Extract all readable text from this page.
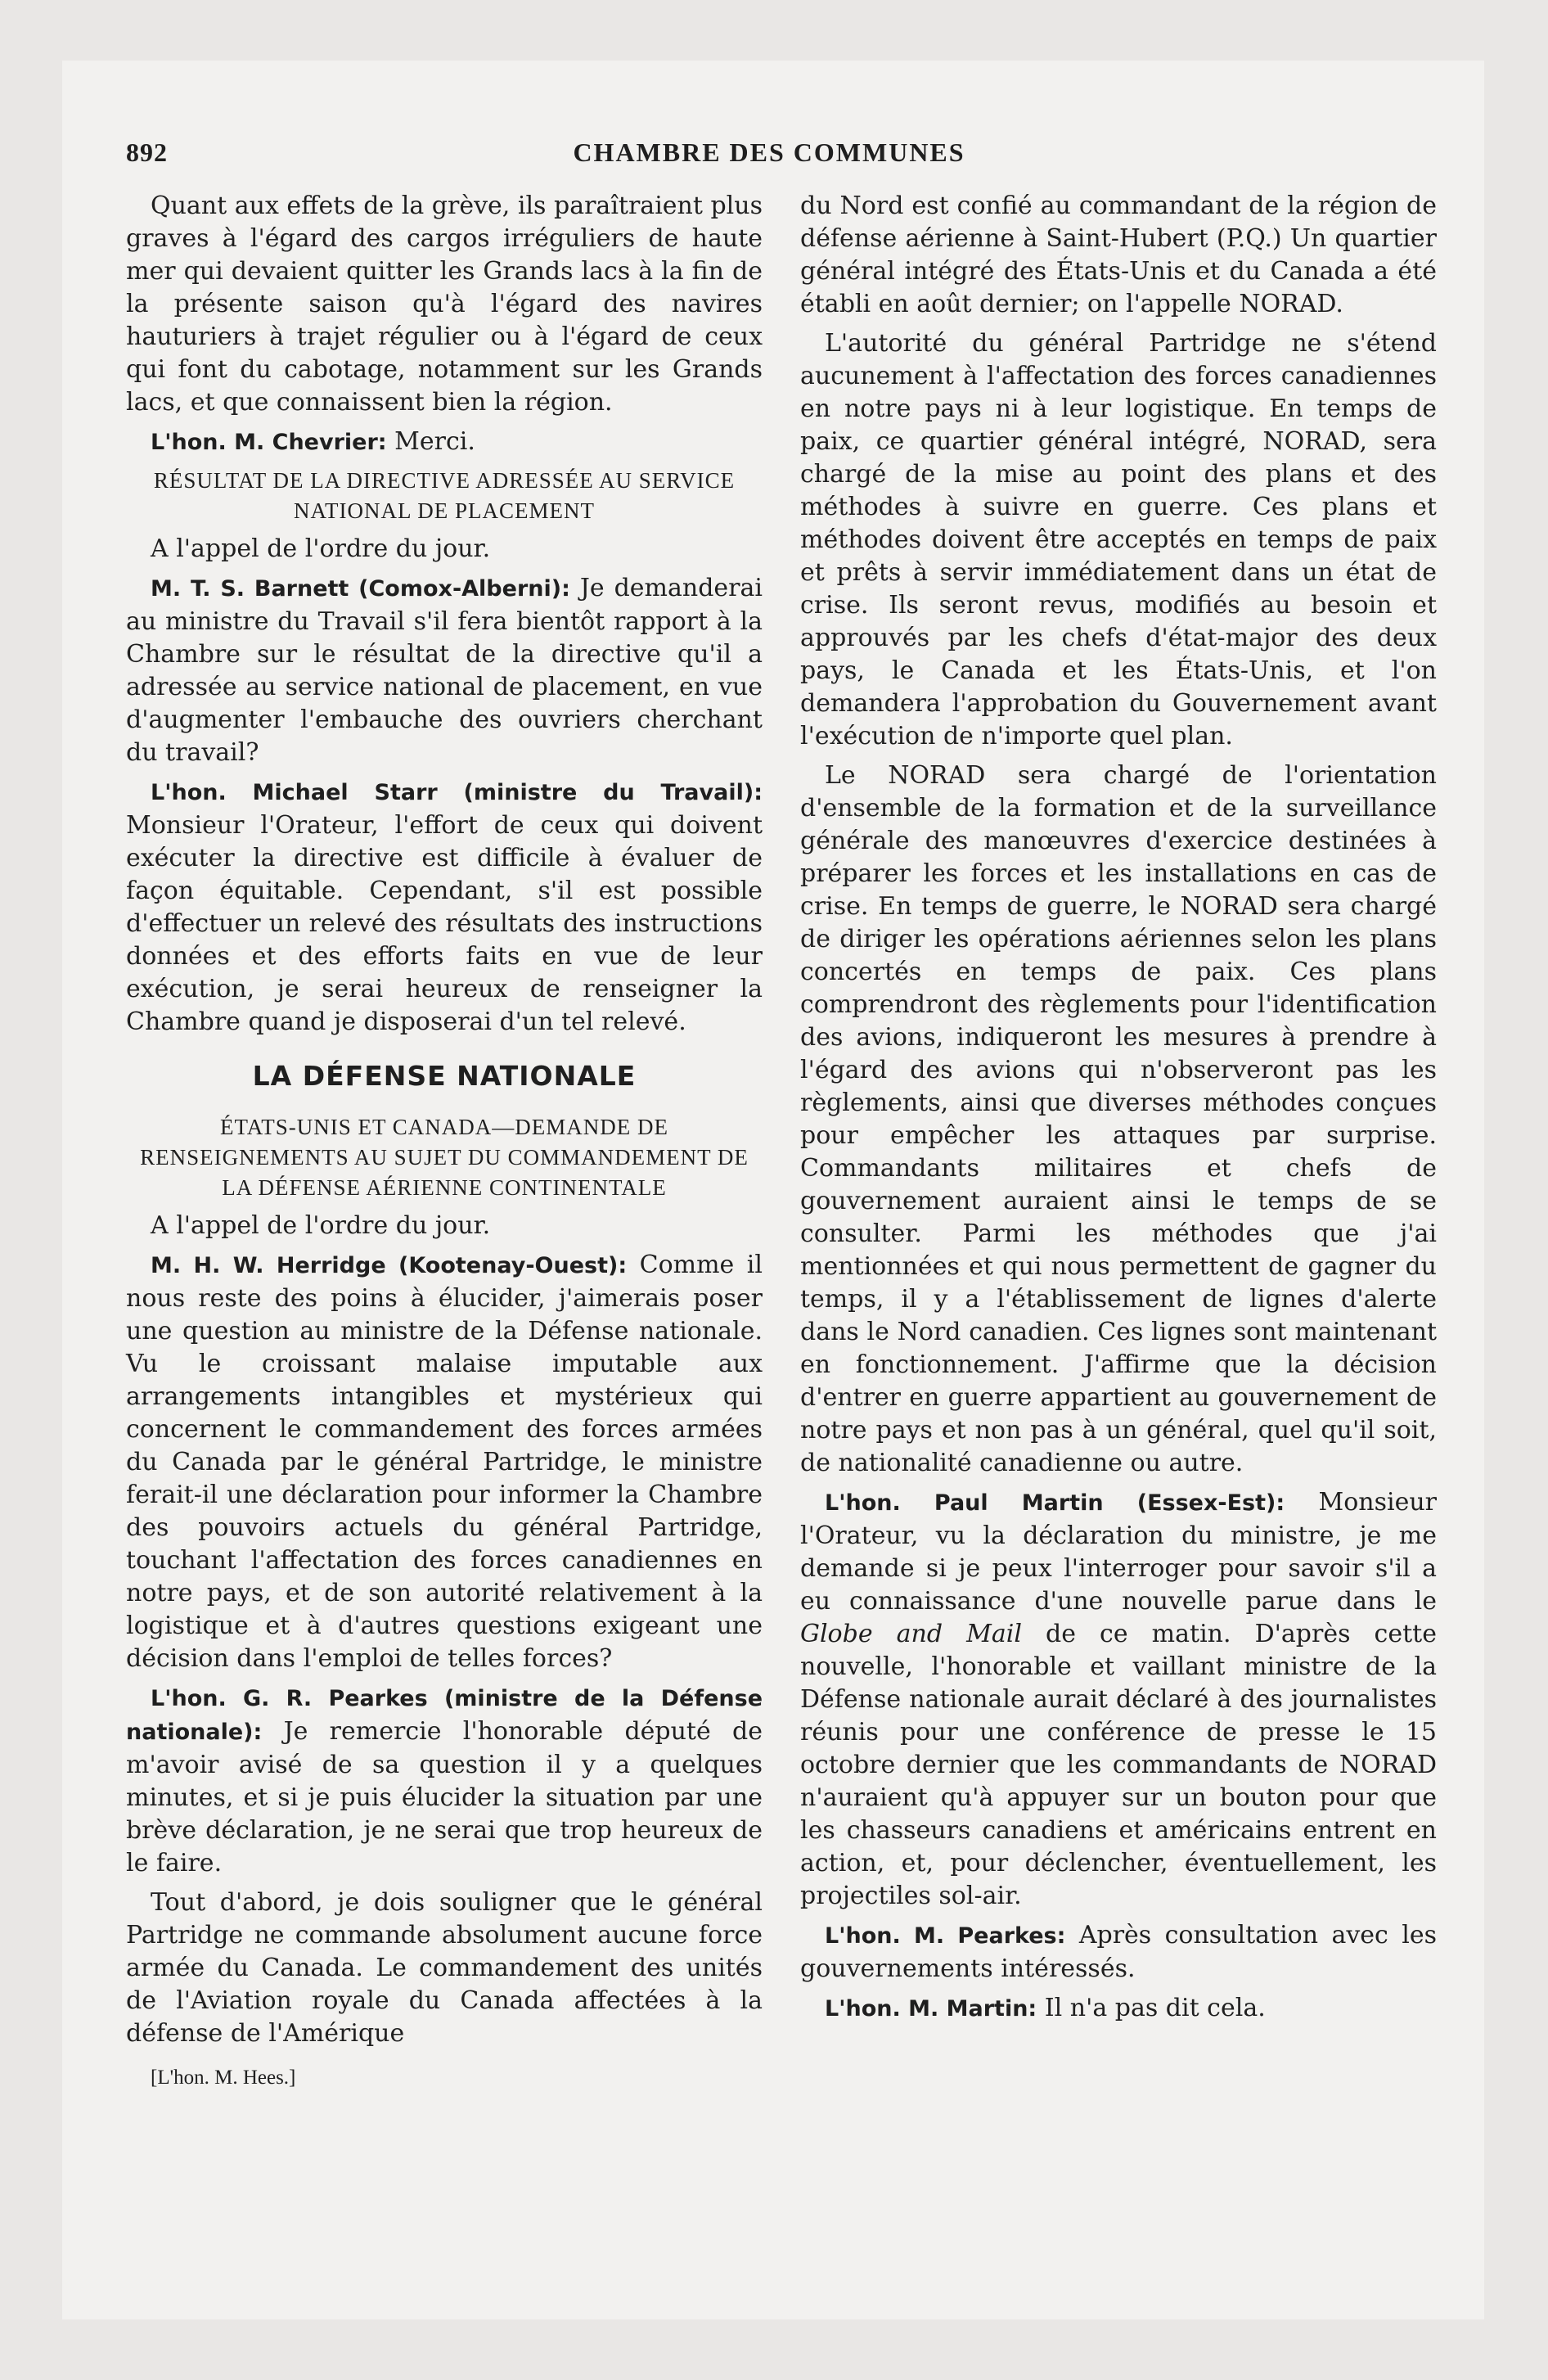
892	CHAMBRE DES COMMUNES

Quant aux effets de la grève, ils paraîtraient plus graves à l'égard des cargos irréguliers de haute mer qui devaient quitter les Grands lacs à la fin de la présente saison qu'à l'égard des navires hauturiers à trajet régulier ou à l'égard de ceux qui font du cabotage, notamment sur les Grands lacs, et que connaissent bien la région.

L'hon. M. Chevrier: Merci.

RÉSULTAT DE LA DIRECTIVE ADRESSÉE AU SERVICE NATIONAL DE PLACEMENT

A l'appel de l'ordre du jour.

M. T. S. Barnett (Comox-Alberni): Je demanderai au ministre du Travail s'il fera bientôt rapport à la Chambre sur le résultat de la directive qu'il a adressée au service national de placement, en vue d'augmenter l'embauche des ouvriers cherchant du travail?

L'hon. Michael Starr (ministre du Travail): Monsieur l'Orateur, l'effort de ceux qui doivent exécuter la directive est difficile à évaluer de façon équitable. Cependant, s'il est possible d'effectuer un relevé des résultats des instructions données et des efforts faits en vue de leur exécution, je serai heureux de renseigner la Chambre quand je disposerai d'un tel relevé.

LA DÉFENSE NATIONALE

ÉTATS-UNIS ET CANADA—DEMANDE DE RENSEIGNEMENTS AU SUJET DU COMMANDEMENT DE LA DÉFENSE AÉRIENNE CONTINENTALE

A l'appel de l'ordre du jour.

M. H. W. Herridge (Kootenay-Ouest): Comme il nous reste des poins à élucider, j'aimerais poser une question au ministre de la Défense nationale. Vu le croissant malaise imputable aux arrangements intangibles et mystérieux qui concernent le commandement des forces armées du Canada par le général Partridge, le ministre ferait-il une déclaration pour informer la Chambre des pouvoirs actuels du général Partridge, touchant l'affectation des forces canadiennes en notre pays, et de son autorité relativement à la logistique et à d'autres questions exigeant une décision dans l'emploi de telles forces?

L'hon. G. R. Pearkes (ministre de la Défense nationale): Je remercie l'honorable député de m'avoir avisé de sa question il y a quelques minutes, et si je puis élucider la situation par une brève déclaration, je ne serai que trop heureux de le faire.

Tout d'abord, je dois souligner que le général Partridge ne commande absolument aucune force armée du Canada. Le commandement des unités de l'Aviation royale du Canada affectées à la défense de l'Amérique

[L'hon. M. Hees.]

du Nord est confié au commandant de la région de défense aérienne à Saint-Hubert (P.Q.) Un quartier général intégré des États-Unis et du Canada a été établi en août dernier; on l'appelle NORAD.

L'autorité du général Partridge ne s'étend aucunement à l'affectation des forces canadiennes en notre pays ni à leur logistique. En temps de paix, ce quartier général intégré, NORAD, sera chargé de la mise au point des plans et des méthodes à suivre en guerre. Ces plans et méthodes doivent être acceptés en temps de paix et prêts à servir immédiatement dans un état de crise. Ils seront revus, modifiés au besoin et approuvés par les chefs d'état-major des deux pays, le Canada et les États-Unis, et l'on demandera l'approbation du Gouvernement avant l'exécution de n'importe quel plan.

Le NORAD sera chargé de l'orientation d'ensemble de la formation et de la surveillance générale des manœuvres d'exercice destinées à préparer les forces et les installations en cas de crise. En temps de guerre, le NORAD sera chargé de diriger les opérations aériennes selon les plans concertés en temps de paix. Ces plans comprendront des règlements pour l'identification des avions, indiqueront les mesures à prendre à l'égard des avions qui n'observeront pas les règlements, ainsi que diverses méthodes conçues pour empêcher les attaques par surprise. Commandants militaires et chefs de gouvernement auraient ainsi le temps de se consulter. Parmi les méthodes que j'ai mentionnées et qui nous permettent de gagner du temps, il y a l'établissement de lignes d'alerte dans le Nord canadien. Ces lignes sont maintenant en fonctionnement. J'affirme que la décision d'entrer en guerre appartient au gouvernement de notre pays et non pas à un général, quel qu'il soit, de nationalité canadienne ou autre.

L'hon. Paul Martin (Essex-Est): Monsieur l'Orateur, vu la déclaration du ministre, je me demande si je peux l'interroger pour savoir s'il a eu connaissance d'une nouvelle parue dans le Globe and Mail de ce matin. D'après cette nouvelle, l'honorable et vaillant ministre de la Défense nationale aurait déclaré à des journalistes réunis pour une conférence de presse le 15 octobre dernier que les commandants de NORAD n'auraient qu'à appuyer sur un bouton pour que les chasseurs canadiens et américains entrent en action, et, pour déclencher, éventuellement, les projectiles sol-air.

L'hon. M. Pearkes: Après consultation avec les gouvernements intéressés.

L'hon. M. Martin: Il n'a pas dit cela.
